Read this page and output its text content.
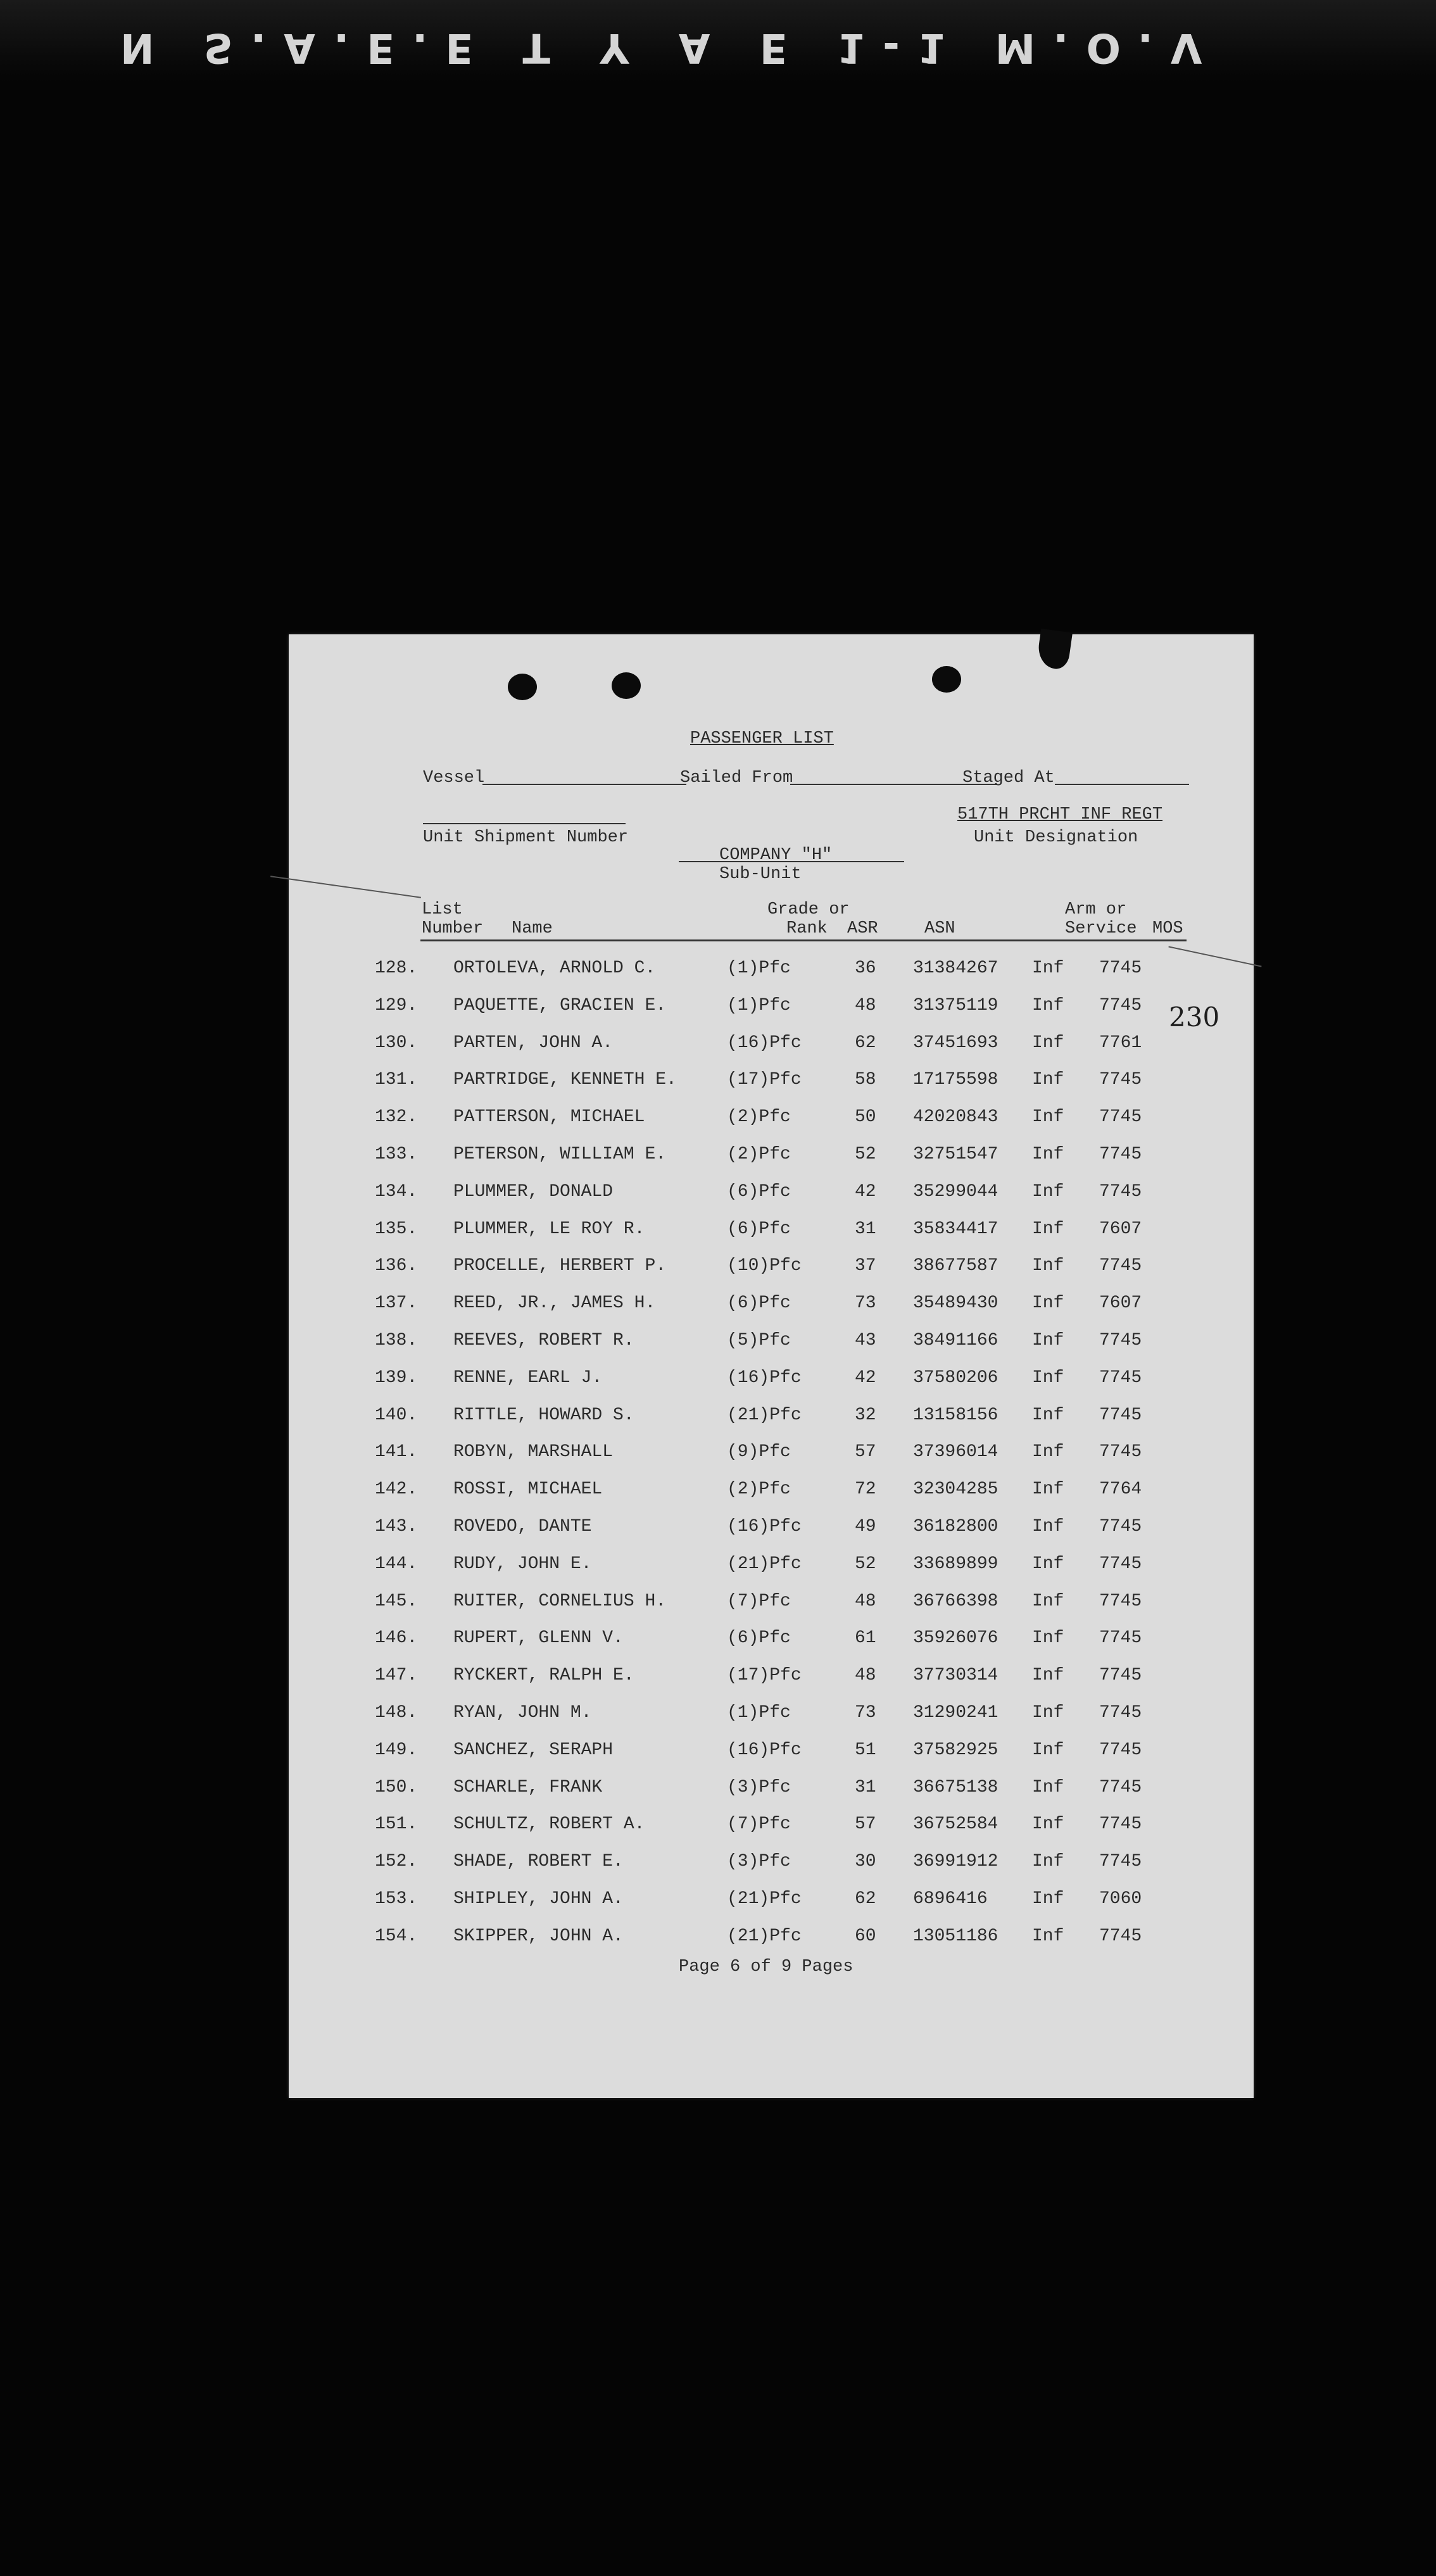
N S.A.E.E T Y A E 1-1 M.O.V
PASSENGER LIST
Vessel	Sailed From	Staged At
Unit Shipment Number
517TH PRCHT INF REGT
Unit Designation
COMPANY "H"
Sub-Unit
List
Number Name
Grade or
Rank ASR	ASN
Arm or
Service MOS
230
128. ORTOLEVA, ARNOLD C.	(1)Pfc	36 31384267 Inf 7745
129. PAQUETTE, GRACIEN E.	(1)Pfc	48 31375119 Inf 7745
130. PARTEN, JOHN A.	(16)Pfc	62 37451693 Inf 7761
131. PARTRIDGE, KENNETH E.	(17)Pfc	58 17175598 Inf 7745
132. PATTERSON, MICHAEL	(2)Pfc	50 42020843 Inf 7745
133. PETERSON, WILLIAM E.	(2)Pfc	52 32751547 Inf 7745
134. PLUMMER, DONALD	(6)Pfc	42 35299044 Inf 7745
135. PLUMMER, LE ROY R.	(6)Pfc	31 35834417 Inf 7607
136. PROCELLE, HERBERT P.	(10)Pfc	37 38677587 Inf 7745
137. REED, JR., JAMES H.	(6)Pfc	73 35489430 Inf 7607
138. REEVES, ROBERT R.	(5)Pfc	43 38491166 Inf 7745
139. RENNE, EARL J.	(16)Pfc	42 37580206 Inf 7745
140. RITTLE, HOWARD S.	(21)Pfc	32 13158156 Inf 7745
141. ROBYN, MARSHALL	(9)Pfc	57 37396014 Inf 7745
142. ROSSI, MICHAEL	(2)Pfc	72 32304285 Inf 7764
143. ROVEDO, DANTE	(16)Pfc	49 36182800 Inf 7745
144. RUDY, JOHN E.	(21)Pfc	52 33689899 Inf 7745
145. RUITER, CORNELIUS H.	(7)Pfc	48 36766398 Inf 7745
146. RUPERT, GLENN V.	(6)Pfc	61 35926076 Inf 7745
147. RYCKERT, RALPH E.	(17)Pfc	48 37730314 Inf 7745
148. RYAN, JOHN M.	(1)Pfc	73 31290241 Inf 7745
149. SANCHEZ, SERAPH	(16)Pfc	51 37582925 Inf 7745
150. SCHARLE, FRANK	(3)Pfc	31 36675138 Inf 7745
151. SCHULTZ, ROBERT A.	(7)Pfc	57 36752584 Inf 7745
152. SHADE, ROBERT E.	(3)Pfc	30 36991912 Inf 7745
153. SHIPLEY, JOHN A.	(21)Pfc	62 6896416	Inf 7060
154. SKIPPER, JOHN A.	(21)Pfc	60 13051186 Inf 7745
Page 6 of 9 Pages
